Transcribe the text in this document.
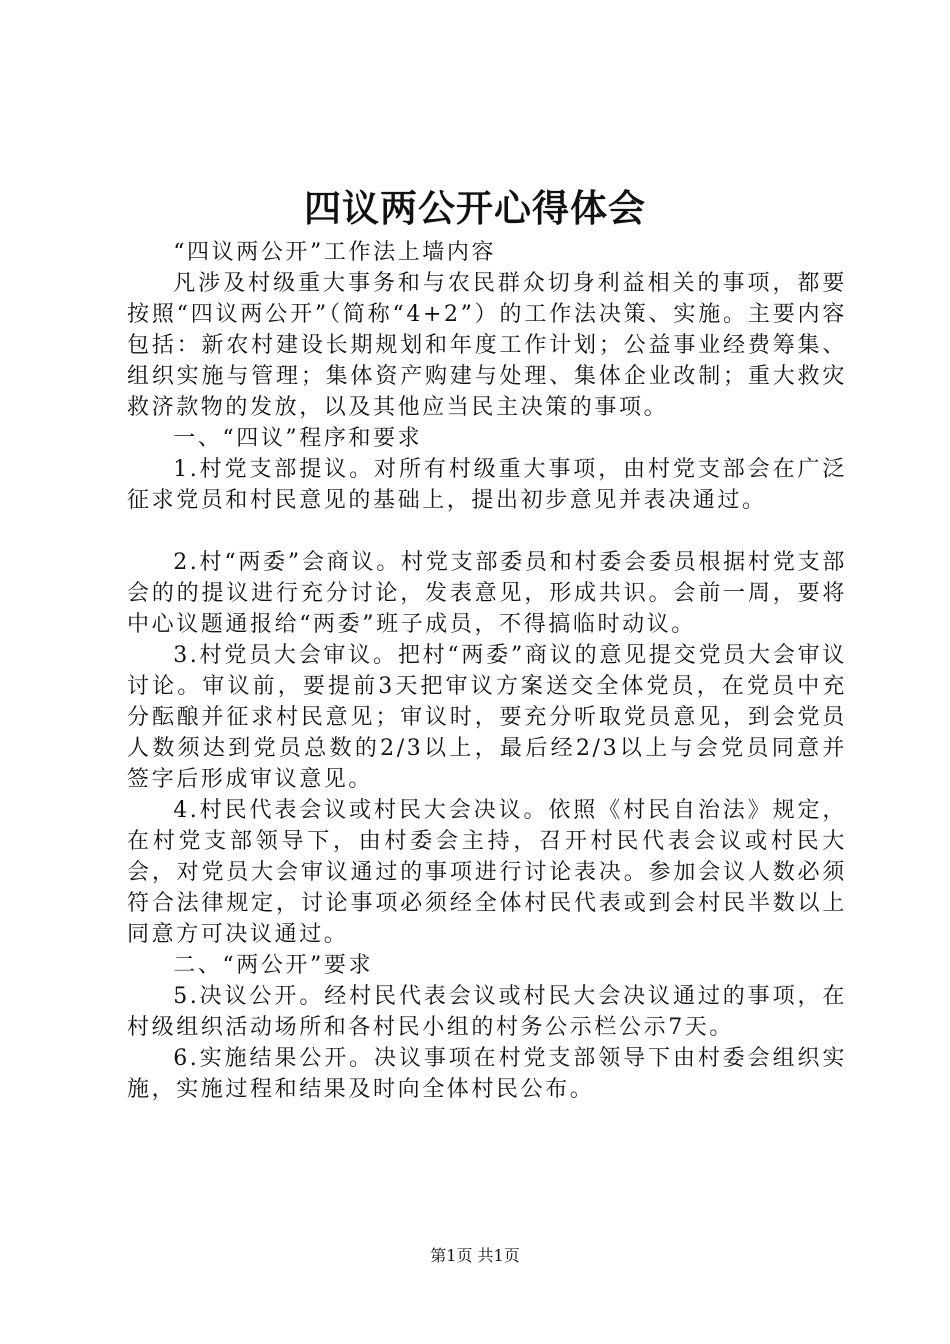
四议两公开心得体会

“四议两公开”工作法上墙内容

凡涉及村级重大事务和与农民群众切身利益相关的事项，都要按照“四议两公开”（简称“4+2”）的工作法决策、实施。主要内容包括：新农村建设长期规划和年度工作计划；公益事业经费筹集、组织实施与管理；集体资产购建与处理、集体企业改制；重大救灾救济款物的发放，以及其他应当民主决策的事项。

一、“四议”程序和要求

1.村党支部提议。对所有村级重大事项，由村党支部会在广泛征求党员和村民意见的基础上，提出初步意见并表决通过。

2.村“两委”会商议。村党支部委员和村委会委员根据村党支部会的的提议进行充分讨论，发表意见，形成共识。会前一周，要将中心议题通报给“两委”班子成员，不得搞临时动议。

3.村党员大会审议。把村“两委”商议的意见提交党员大会审议讨论。审议前，要提前3天把审议方案送交全体党员，在党员中充分酝酿并征求村民意见；审议时，要充分听取党员意见，到会党员人数须达到党员总数的2/3以上，最后经2/3以上与会党员同意并签字后形成审议意见。

4.村民代表会议或村民大会决议。依照《村民自治法》规定，在村党支部领导下，由村委会主持，召开村民代表会议或村民大会，对党员大会审议通过的事项进行讨论表决。参加会议人数必须符合法律规定，讨论事项必须经全体村民代表或到会村民半数以上同意方可决议通过。

二、“两公开”要求

5.决议公开。经村民代表会议或村民大会决议通过的事项，在村级组织活动场所和各村民小组的村务公示栏公示7天。

6.实施结果公开。决议事项在村党支部领导下由村委会组织实施，实施过程和结果及时向全体村民公布。

第1页 共1页
